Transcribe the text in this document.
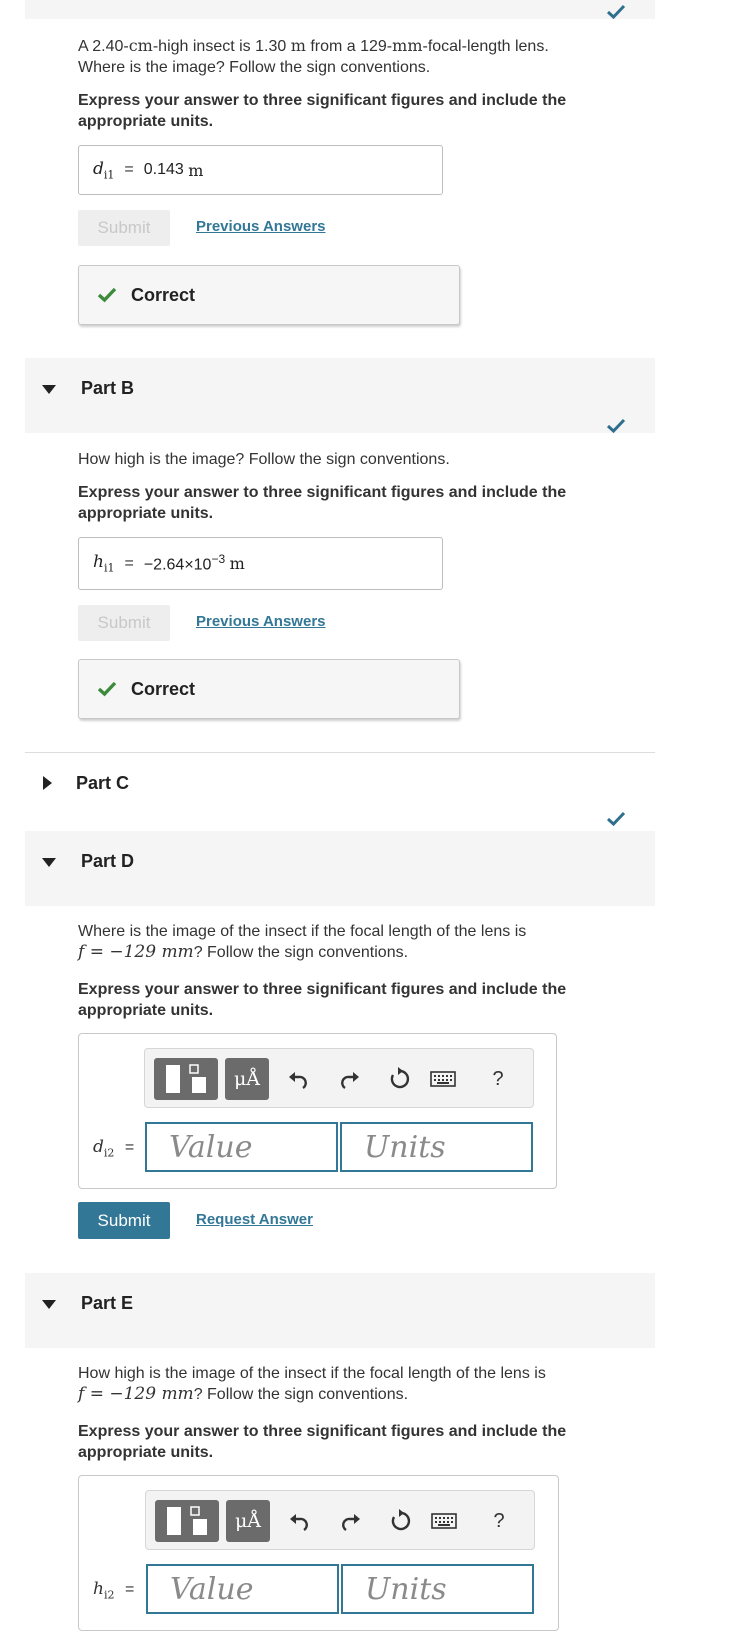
A 2.40-cm-high insect is 1.30 m from a 129-mm-focal-length lens.
Where is the image? Follow the sign conventions.
Express your answer to three significant figures and include the appropriate units.
$d_{i1} = 0.143$
m
Submit	Previous Answers
Correct
Part B
How high is the image? Follow the sign conventions.
Express your answer to three significant figures and include the appropriate units.
$h_{i1} = -2.64\times 10^{-3}$
m
Submit	Previous Answers
Correct
Part C
Part D
Where is the image of the insect if the focal length of the lens is
f = −129 mm? Follow the sign conventions.
Express your answer to three significant figures and include the appropriate units.
μÅ	?
$d_{i2}$ =	Value	Units
Submit	Request Answer
Part E
How high is the image of the insect if the focal length of the lens is
f = −129 mm? Follow the sign conventions.
Express your answer to three significant figures and include the appropriate units.
μÅ	?
$h_{i2}$ =	Value	Units
